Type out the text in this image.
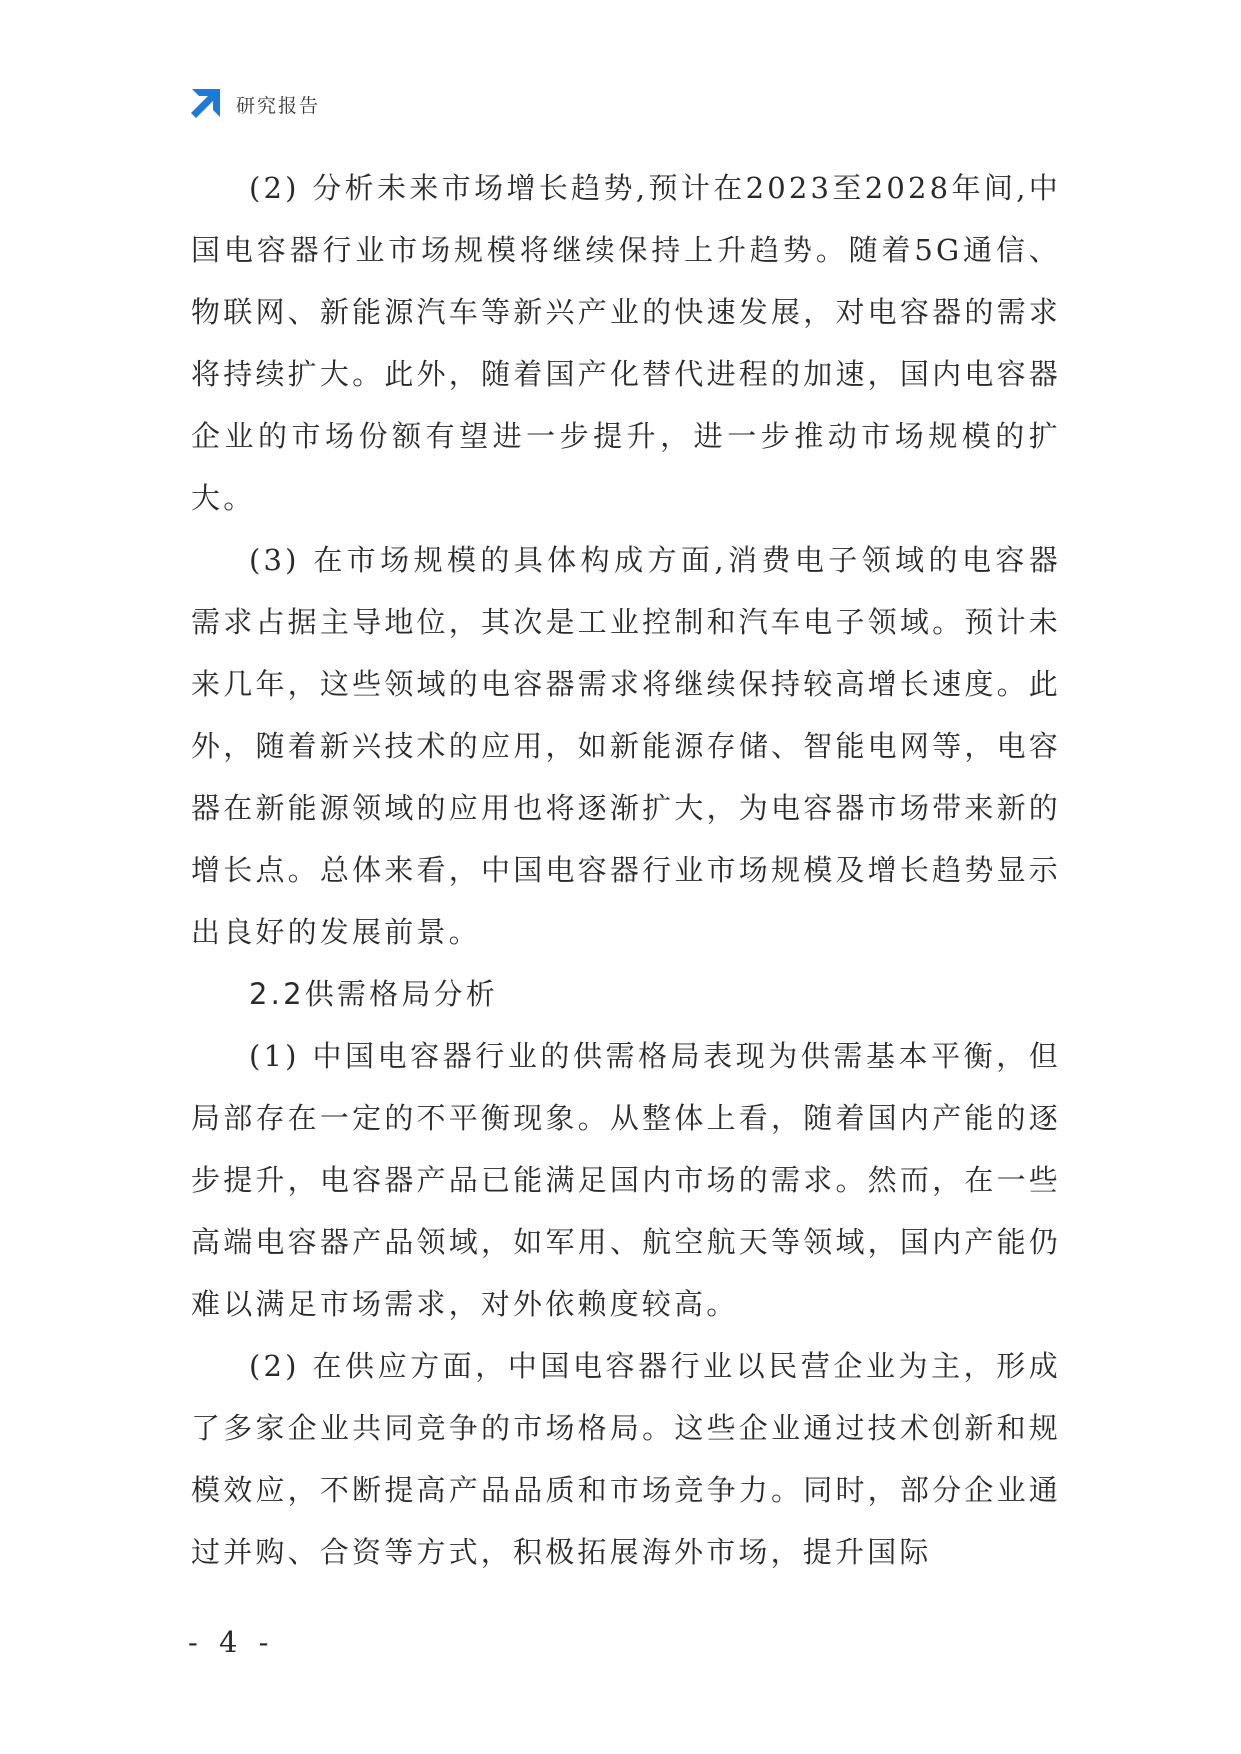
研究报告

(2) 分析未来市场增长趋势,预计在2023至2028年间,中国电容器行业市场规模将继续保持上升趋势。随着5G通信、物联网、新能源汽车等新兴产业的快速发展，对电容器的需求将持续扩大。此外，随着国产化替代进程的加速，国内电容器企业的市场份额有望进一步提升，进一步推动市场规模的扩大。

(3) 在市场规模的具体构成方面,消费电子领域的电容器需求占据主导地位，其次是工业控制和汽车电子领域。预计未来几年，这些领域的电容器需求将继续保持较高增长速度。此外，随着新兴技术的应用，如新能源存储、智能电网等，电容器在新能源领域的应用也将逐渐扩大，为电容器市场带来新的增长点。总体来看，中国电容器行业市场规模及增长趋势显示出良好的发展前景。

2.2供需格局分析

(1) 中国电容器行业的供需格局表现为供需基本平衡，但局部存在一定的不平衡现象。从整体上看，随着国内产能的逐步提升，电容器产品已能满足国内市场的需求。然而，在一些高端电容器产品领域，如军用、航空航天等领域，国内产能仍难以满足市场需求，对外依赖度较高。

(2) 在供应方面，中国电容器行业以民营企业为主，形成了多家企业共同竞争的市场格局。这些企业通过技术创新和规模效应，不断提高产品品质和市场竞争力。同时，部分企业通过并购、合资等方式，积极拓展海外市场，提升国际

- 4 -
